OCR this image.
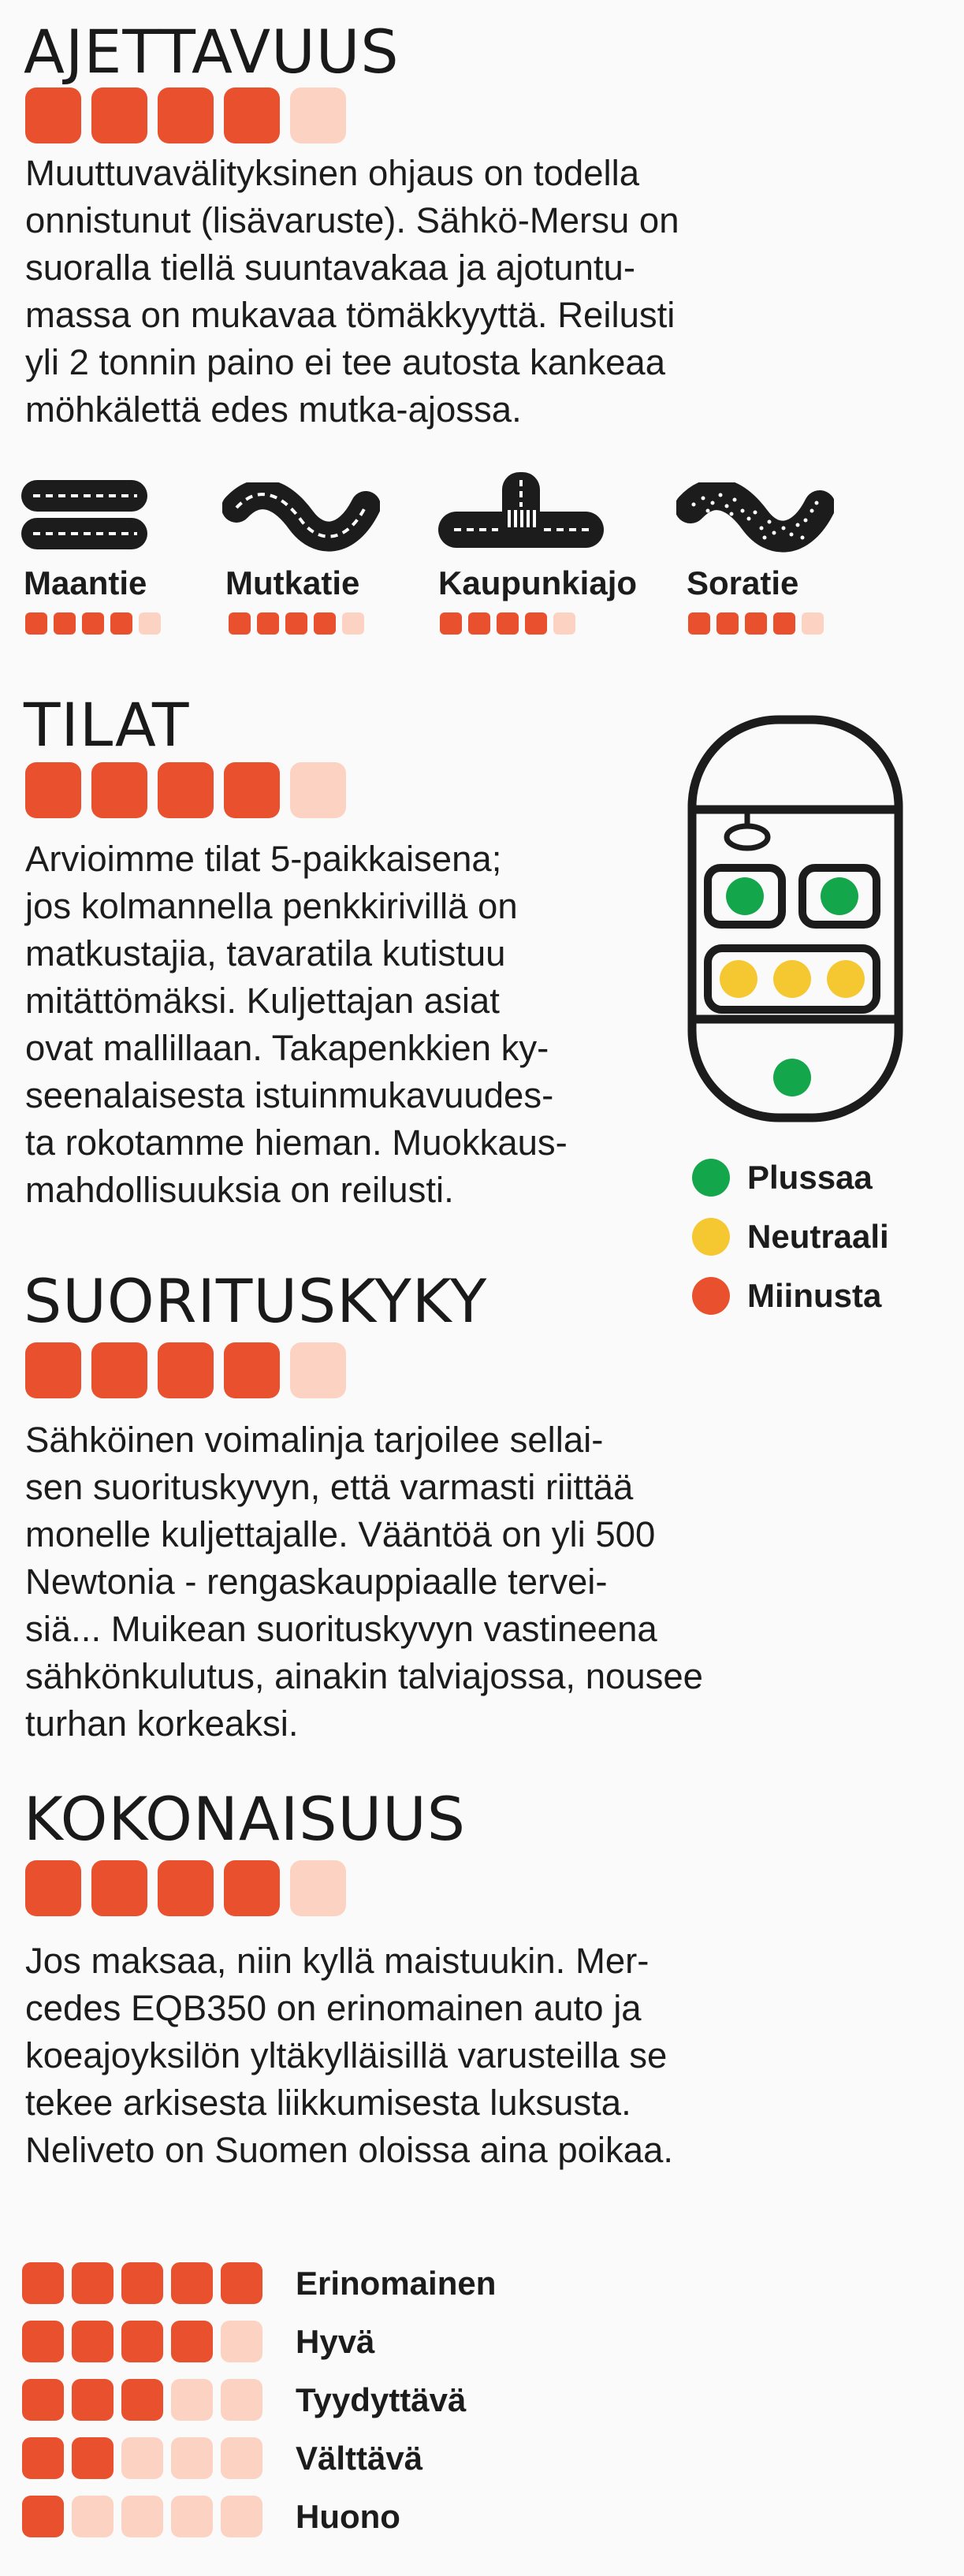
AJETTAVUUS
Muuttuvavälityksinen ohjaus on todella
onnistunut (lisävaruste). Sähkö-Mersu on
suoralla tiellä suuntavakaa ja ajotuntu-
massa on mukavaa tömäkkyyttä. Reilusti
yli 2 tonnin paino ei tee autosta kankeaa
möhkälettä edes mutka-ajossa.
Maantie Mutkatie Kaupunkiajo Soratie
TILAT
Arvioimme tilat 5-paikkaisena;
jos kolmannella penkkirivillä on
matkustajia, tavaratila kutistuu
mitättömäksi. Kuljettajan asiat
ovat mallillaan. Takapenkkien ky-
seenalaisesta istuinmukavuudes-
ta rokotamme hieman. Muokkaus-
mahdollisuuksia on reilusti.	Plussaa
Neutraali
Miinusta
SUORITUSKYKY
Sähköinen voimalinja tarjoilee sellai-
sen suorituskyvyn, että varmasti riittää
monelle kuljettajalle. Vääntöä on yli 500
Newtonia - rengaskauppiaalle tervei-
siä... Muikean suorituskyvyn vastineena
sähkönkulutus, ainakin talviajossa, nousee
turhan korkeaksi.
KOKONAISUUS
Jos maksaa, niin kyllä maistuukin. Mer-
cedes EQB350 on erinomainen auto ja
koeajoyksilön yltäkylläisillä varusteilla se
tekee arkisesta liikkumisesta luksusta.
Neliveto on Suomen oloissa aina poikaa.
Erinomainen
Hyvä
Tyydyttävä
Välttävä
Huono
